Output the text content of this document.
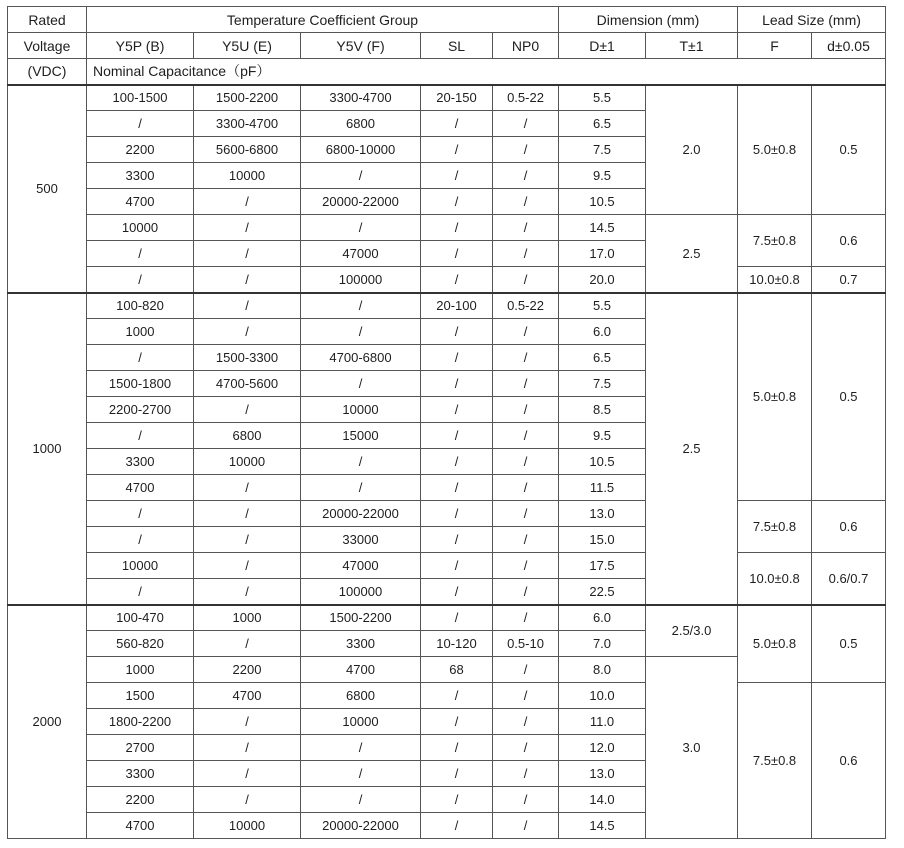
Rated	Temperature Coefficient Group					Dimension (mm)		Lead Size (mm)	
Voltage	Y5P (B)	Y5U (E)	Y5V (F)	SL	NP0	D±1	T±1	F	d±0.05
(VDC)	Nominal Capacitance（pF）								
500	100-1500	1500-2200	3300-4700	20-150	0.5-22	5.5	2.0	5.0±0.8	0.5
	/	3300-4700	6800	/	/	6.5			
	2200	5600-6800	6800-10000	/	/	7.5			
	3300	10000	/	/	/	9.5			
	4700	/	20000-22000	/	/	10.5			
	10000	/	/	/	/	14.5	2.5	7.5±0.8	0.6
	/	/	47000	/	/	17.0			
	/	/	100000	/	/	20.0		10.0±0.8	0.7
1000	100-820	/	/	20-100	0.5-22	5.5	2.5	5.0±0.8	0.5
	1000	/	/	/	/	6.0			
	/	1500-3300	4700-6800	/	/	6.5			
	1500-1800	4700-5600	/	/	/	7.5			
	2200-2700	/	10000	/	/	8.5			
	/	6800	15000	/	/	9.5			
	3300	10000	/	/	/	10.5			
	4700	/	/	/	/	11.5			
	/	/	20000-22000	/	/	13.0		7.5±0.8	0.6
	/	/	33000	/	/	15.0			
	10000	/	47000	/	/	17.5		10.0±0.8	0.6/0.7
	/	/	100000	/	/	22.5			
2000	100-470	1000	1500-2200	/	/	6.0	2.5/3.0	5.0±0.8	0.5
	560-820	/	3300	10-120	0.5-10	7.0			
	1000	2200	4700	68	/	8.0	3.0		
	1500	4700	6800	/	/	10.0		7.5±0.8	0.6
	1800-2200	/	10000	/	/	11.0			
	2700	/	/	/	/	12.0			
	3300	/	/	/	/	13.0			
	2200	/	/	/	/	14.0			
	4700	10000	20000-22000	/	/	14.5			
